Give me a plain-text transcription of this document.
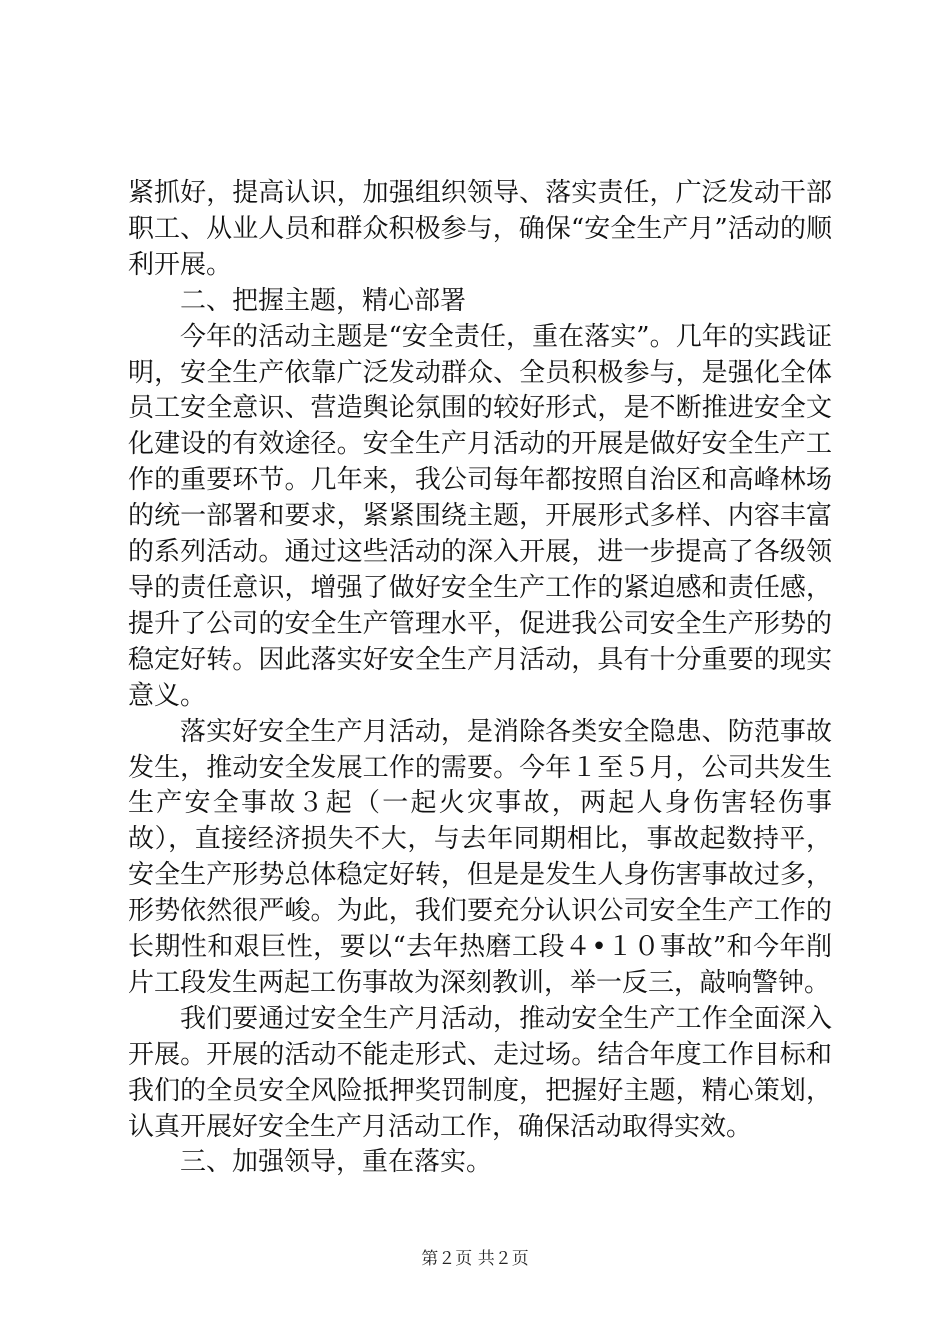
紧抓好，提高认识，加强组织领导、落实责任，广泛发动干部职工、从业人员和群众积极参与，确保“安全生产月”活动的顺利开展。

二、把握主题，精心部署

今年的活动主题是“安全责任，重在落实”。几年的实践证明，安全生产依靠广泛发动群众、全员积极参与，是强化全体员工安全意识、营造舆论氛围的较好形式，是不断推进安全文化建设的有效途径。安全生产月活动的开展是做好安全生产工作的重要环节。几年来，我公司每年都按照自治区和高峰林场的统一部署和要求，紧紧围绕主题，开展形式多样、内容丰富的系列活动。通过这些活动的深入开展，进一步提高了各级领导的责任意识，增强了做好安全生产工作的紧迫感和责任感，提升了公司的安全生产管理水平，促进我公司安全生产形势的稳定好转。因此落实好安全生产月活动，具有十分重要的现实意义。

落实好安全生产月活动，是消除各类安全隐患、防范事故发生，推动安全发展工作的需要。今年１至５月，公司共发生生产安全事故３起（一起火灾事故，两起人身伤害轻伤事故），直接经济损失不大，与去年同期相比，事故起数持平，安全生产形势总体稳定好转，但是是发生人身伤害事故过多，形势依然很严峻。为此，我们要充分认识公司安全生产工作的长期性和艰巨性，要以“去年热磨工段４•１０事故”和今年削片工段发生两起工伤事故为深刻教训，举一反三，敲响警钟。

我们要通过安全生产月活动，推动安全生产工作全面深入开展。开展的活动不能走形式、走过场。结合年度工作目标和我们的全员安全风险抵押奖罚制度，把握好主题，精心策划，认真开展好安全生产月活动工作，确保活动取得实效。

三、加强领导，重在落实。

第２页 共２页
